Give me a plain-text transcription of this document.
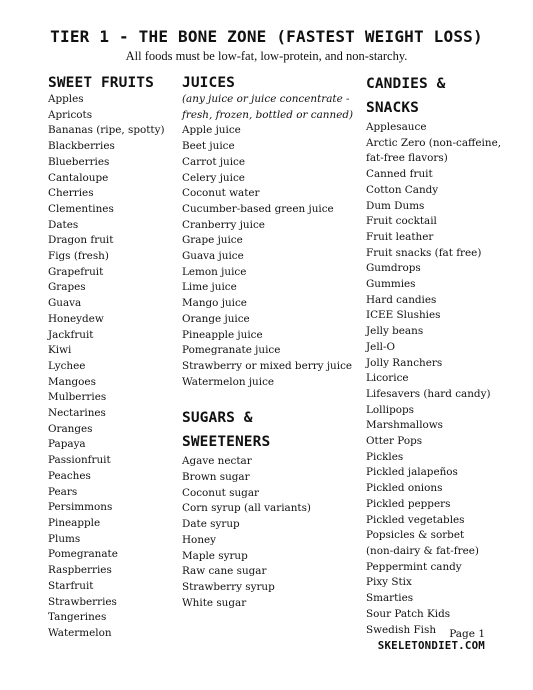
TIER 1 - THE BONE ZONE (FASTEST WEIGHT LOSS)
All foods must be low-fat, low-protein, and non-starchy.
SWEET FRUITS
Apples
Apricots
Bananas (ripe, spotty)
Blackberries
Blueberries
Cantaloupe
Cherries
Clementines
Dates
Dragon fruit
Figs (fresh)
Grapefruit
Grapes
Guava
Honeydew
Jackfruit
Kiwi
Lychee
Mangoes
Mulberries
Nectarines
Oranges
Papaya
Passionfruit
Peaches
Pears
Persimmons
Pineapple
Plums
Pomegranate
Raspberries
Starfruit
Strawberries
Tangerines
Watermelon
JUICES
(any juice or juice concentrate -
fresh, frozen, bottled or canned)
Apple juice
Beet juice
Carrot juice
Celery juice
Coconut water
Cucumber-based green juice
Cranberry juice
Grape juice
Guava juice
Lemon juice
Lime juice
Mango juice
Orange juice
Pineapple juice
Pomegranate juice
Strawberry or mixed berry juice
Watermelon juice
SUGARS &
SWEETENERS
Agave nectar
Brown sugar
Coconut sugar
Corn syrup (all variants)
Date syrup
Honey
Maple syrup
Raw cane sugar
Strawberry syrup
White sugar
CANDIES &
SNACKS
Applesauce
Arctic Zero (non-caffeine,
fat-free flavors)
Canned fruit
Cotton Candy
Dum Dums
Fruit cocktail
Fruit leather
Fruit snacks (fat free)
Gumdrops
Gummies
Hard candies
ICEE Slushies
Jelly beans
Jell-O
Jolly Ranchers
Licorice
Lifesavers (hard candy)
Lollipops
Marshmallows
Otter Pops
Pickles
Pickled jalapeños
Pickled onions
Pickled peppers
Pickled vegetables
Popsicles & sorbet
(non-dairy & fat-free)
Peppermint candy
Pixy Stix
Smarties
Sour Patch Kids
Swedish Fish	Page 1
SKELETONDIET.COM
